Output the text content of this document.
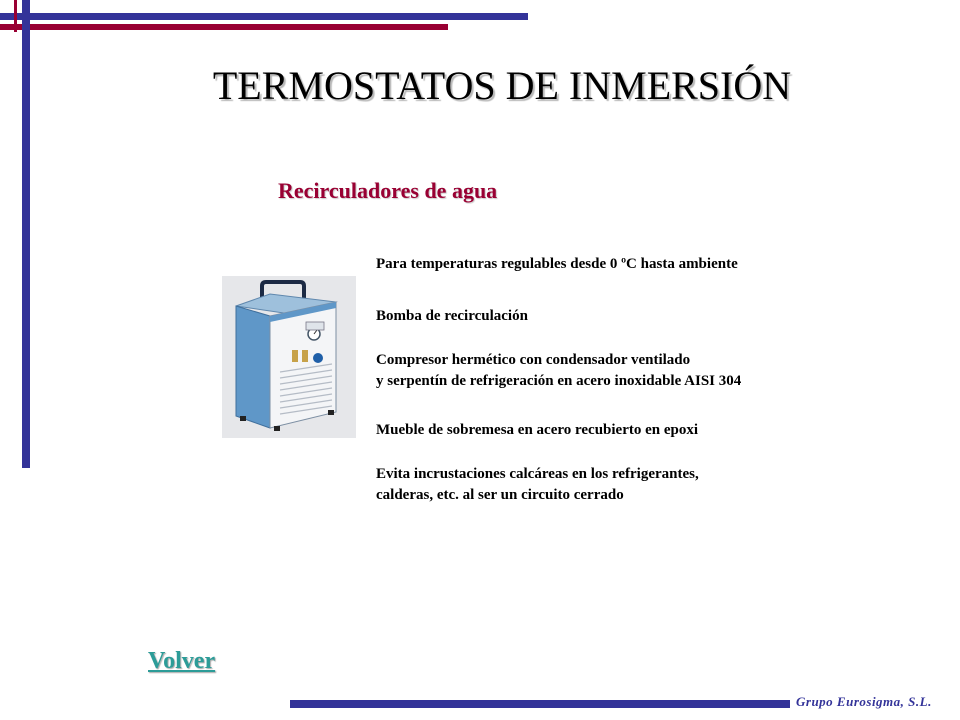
TERMOSTATOS DE INMERSIÓN
Recirculadores de agua
Para temperaturas regulables desde 0 ºC hasta ambiente
Bomba de recirculación
Compresor hermético con condensador ventilado
y serpentín de refrigeración en acero inoxidable AISI 304
Mueble de sobremesa en acero recubierto en epoxi
Evita incrustaciones calcáreas en los refrigerantes,
calderas, etc. al ser un circuito cerrado
Volver
Grupo Eurosigma, S.L.
